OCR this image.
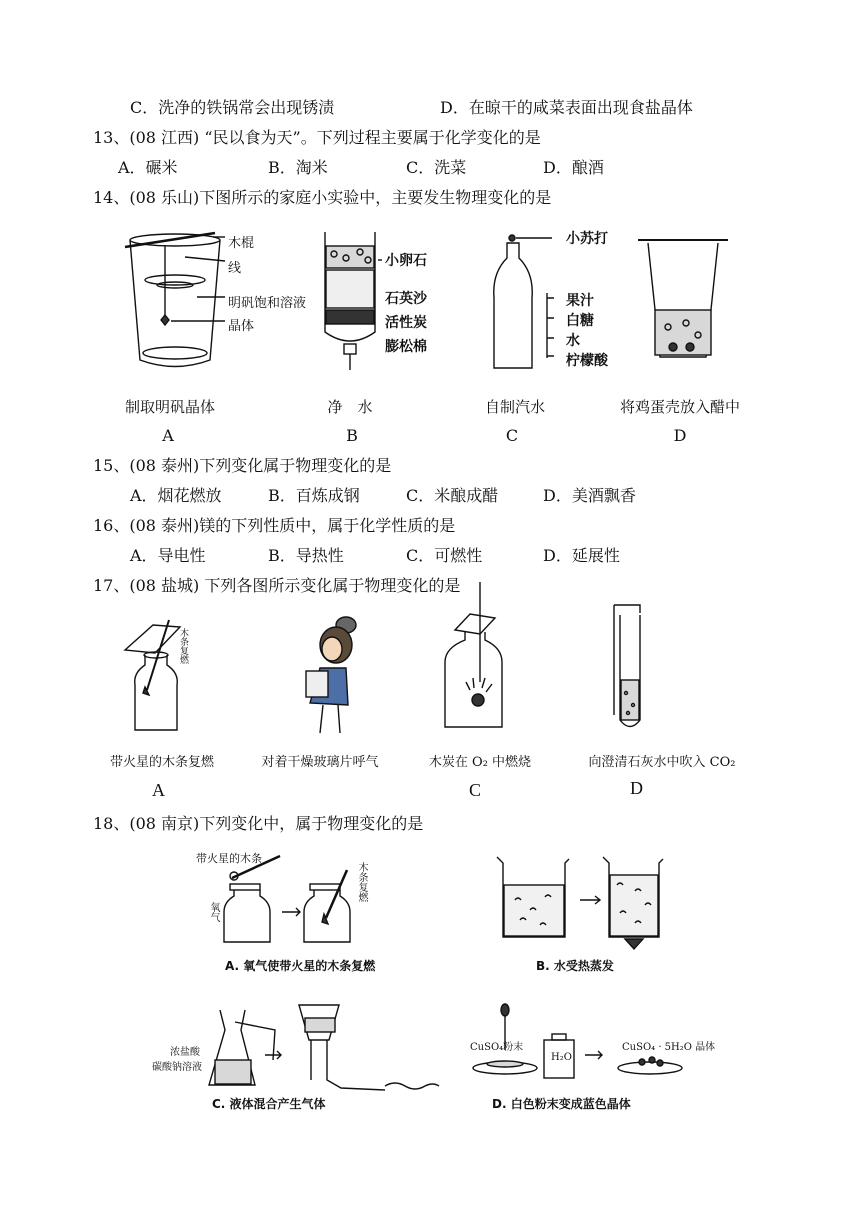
C．洗净的铁锅常会出现锈渍	D．在晾干的咸菜表面出现食盐晶体
13、(08 江西) “民以食为天”。下列过程主要属于化学变化的是
A．碾米	B．淘米	C．洗菜	D．酿酒
14、(08 乐山)下图所示的家庭小实验中，主要发生物理变化的是
木棍
线
明矾饱和溶液
晶体
小卵石
石英沙
活性炭
膨松棉
小苏打
果汁
白糖
水
柠檬酸
制取明矾晶体	净　水	自制汽水	将鸡蛋壳放入醋中
A	B	C	D
15、(08 泰州)下列变化属于物理变化的是
A．烟花燃放	B．百炼成钢	C．米酿成醋	D．美酒飘香
16、(08 泰州)镁的下列性质中，属于化学性质的是
A．导电性	B．导热性	C．可燃性	D．延展性
17、(08 盐城) 下列各图所示变化属于物理变化的是
木条复燃
带火星的木条复燃	对着干燥玻璃片呼气	木炭在 O₂ 中燃烧	向澄清石灰水中吹入 CO₂
A	C	D
18、(08 南京)下列变化中，属于物理变化的是
带火星的木条
氧气
木条复燃
A. 氧气使带火星的木条复燃	B. 水受热蒸发
浓盐酸
碳酸钠溶液
C. 液体混合产生气体
CuSO₄粉末
H₂O
CuSO₄ · 5H₂O 晶体
D. 白色粉末变成蓝色晶体
